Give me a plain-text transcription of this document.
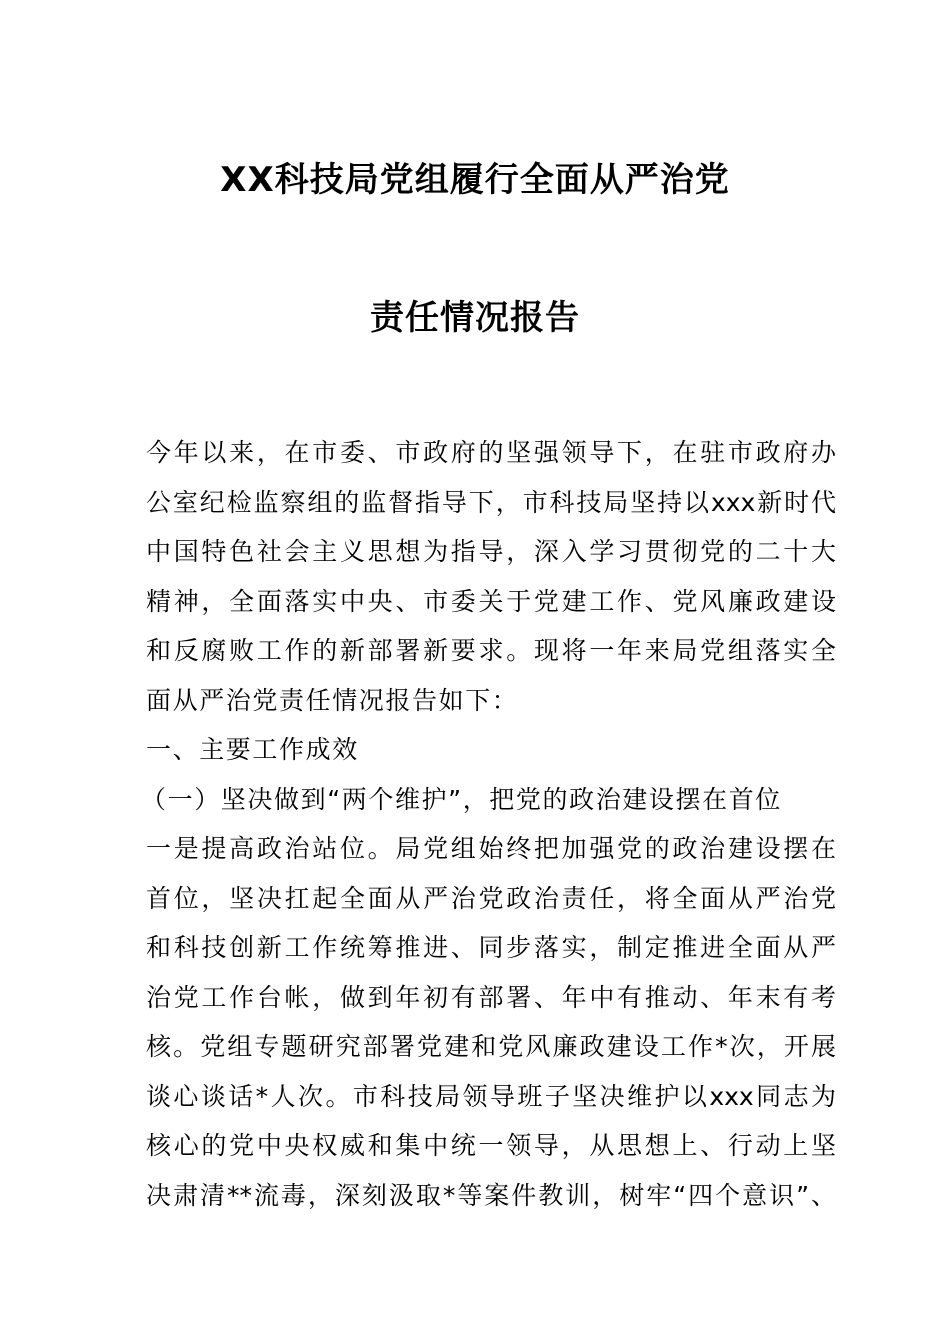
XX科技局党组履行全面从严治党
责任情况报告

今年以来，在市委、市政府的坚强领导下，在驻市政府办

公室纪检监察组的监督指导下，市科技局坚持以xxx新时代

中国特色社会主义思想为指导，深入学习贯彻党的二十大

精神，全面落实中央、市委关于党建工作、党风廉政建设

和反腐败工作的新部署新要求。现将一年来局党组落实全

面从严治党责任情况报告如下：

一、主要工作成效

（一）坚决做到“两个维护”，把党的政治建设摆在首位

一是提高政治站位。局党组始终把加强党的政治建设摆在

首位，坚决扛起全面从严治党政治责任，将全面从严治党

和科技创新工作统筹推进、同步落实，制定推进全面从严

治党工作台帐，做到年初有部署、年中有推动、年末有考

核。党组专题研究部署党建和党风廉政建设工作*次，开展

谈心谈话*人次。市科技局领导班子坚决维护以xxx同志为

核心的党中央权威和集中统一领导，从思想上、行动上坚

决肃清**流毒，深刻汲取*等案件教训，树牢“四个意识”、
